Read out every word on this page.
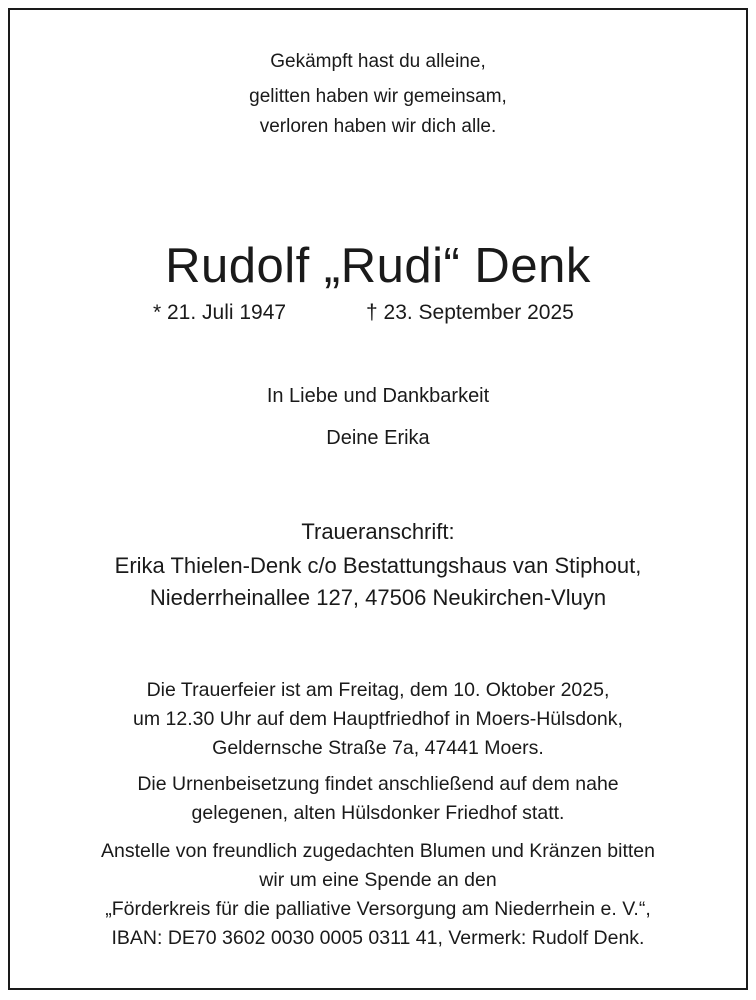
Gekämpft hast du alleine,
gelitten haben wir gemeinsam,
verloren haben wir dich alle.
Rudolf „Rudi“ Denk
* 21. Juli 1947	† 23. September 2025
In Liebe und Dankbarkeit
Deine Erika
Traueranschrift:
Erika Thielen-Denk c/o Bestattungshaus van Stiphout,
Niederrheinallee 127, 47506 Neukirchen-Vluyn
Die Trauerfeier ist am Freitag, dem 10. Oktober 2025,
um 12.30 Uhr auf dem Hauptfriedhof in Moers-Hülsdonk,
Geldernsche Straße 7a, 47441 Moers.
Die Urnenbeisetzung findet anschließend auf dem nahe
gelegenen, alten Hülsdonker Friedhof statt.
Anstelle von freundlich zugedachten Blumen und Kränzen bitten
wir um eine Spende an den
„Förderkreis für die palliative Versorgung am Niederrhein e. V.“,
IBAN: DE70 3602 0030 0005 0311 41, Vermerk: Rudolf Denk.
